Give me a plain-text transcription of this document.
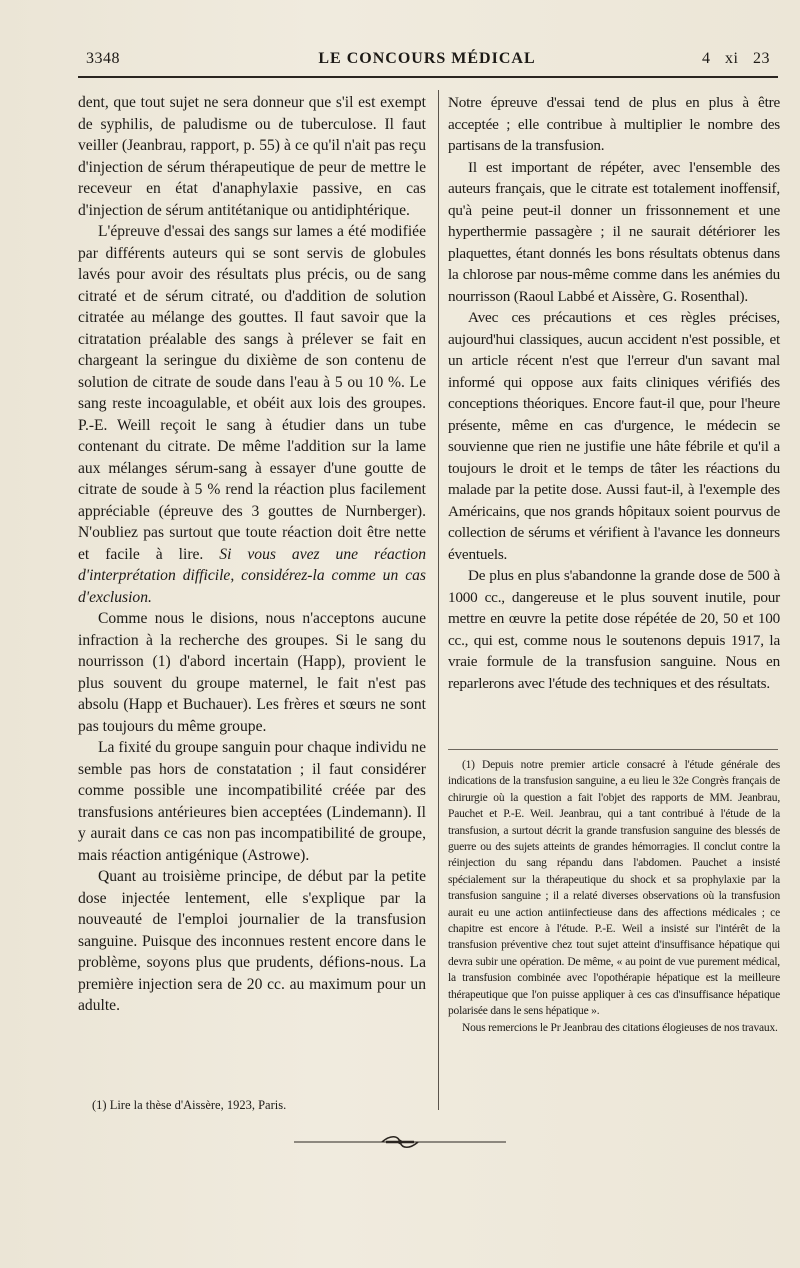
3348	LE CONCOURS MÉDICAL	4 xi 23

dent, que tout sujet ne sera donneur que s'il est exempt de syphilis, de paludisme ou de tuberculose. Il faut veiller (Jeanbrau, rapport, p. 55) à ce qu'il n'ait pas reçu d'injection de sérum thérapeutique de peur de mettre le receveur en état d'anaphylaxie passive, en cas d'injection de sérum antitétanique ou antidiphtérique.

L'épreuve d'essai des sangs sur lames a été modifiée par différents auteurs qui se sont servis de globules lavés pour avoir des résultats plus précis, ou de sang citraté et de sérum citraté, ou d'addition de solution citratée au mélange des gouttes. Il faut savoir que la citratation préalable des sangs à prélever se fait en chargeant la seringue du dixième de son contenu de solution de citrate de soude dans l'eau à 5 ou 10 %. Le sang reste incoagulable, et obéit aux lois des groupes. P.-E. Weill reçoit le sang à étudier dans un tube contenant du citrate. De même l'addition sur la lame aux mélanges sérum-sang à essayer d'une goutte de citrate de soude à 5 % rend la réaction plus facilement appréciable (épreuve des 3 gouttes de Nurnberger). N'oubliez pas surtout que toute réaction doit être nette et facile à lire. Si vous avez une réaction d'interprétation difficile, considérez-la comme un cas d'exclusion.

Comme nous le disions, nous n'acceptons aucune infraction à la recherche des groupes. Si le sang du nourrisson (1) d'abord incertain (Happ), provient le plus souvent du groupe maternel, le fait n'est pas absolu (Happ et Buchauer). Les frères et sœurs ne sont pas toujours du même groupe.

La fixité du groupe sanguin pour chaque individu ne semble pas hors de constatation ; il faut considérer comme possible une incompatibilité créée par des transfusions antérieures bien acceptées (Lindemann). Il y aurait dans ce cas non pas incompatibilité de groupe, mais réaction antigénique (Astrowe).

Quant au troisième principe, de début par la petite dose injectée lentement, elle s'explique par la nouveauté de l'emploi journalier de la transfusion sanguine. Puisque des inconnues restent encore dans le problème, soyons plus que prudents, défions-nous. La première injection sera de 20 cc. au maximum pour un adulte.

(1) Lire la thèse d'Aissère, 1923, Paris.

Notre épreuve d'essai tend de plus en plus à être acceptée ; elle contribue à multiplier le nombre des partisans de la transfusion.

Il est important de répéter, avec l'ensemble des auteurs français, que le citrate est totalement inoffensif, qu'à peine peut-il donner un frissonnement et une hyperthermie passagère ; il ne saurait détériorer les plaquettes, étant donnés les bons résultats obtenus dans la chlorose par nous-même comme dans les anémies du nourrisson (Raoul Labbé et Aissère, G. Rosenthal).

Avec ces précautions et ces règles précises, aujourd'hui classiques, aucun accident n'est possible, et un article récent n'est que l'erreur d'un savant mal informé qui oppose aux faits cliniques vérifiés des conceptions théoriques. Encore faut-il que, pour l'heure présente, même en cas d'urgence, le médecin se souvienne que rien ne justifie une hâte fébrile et qu'il a toujours le droit et le temps de tâter les réactions du malade par la petite dose. Aussi faut-il, à l'exemple des Américains, que nos grands hôpitaux soient pourvus de collection de sérums et vérifient à l'avance les donneurs éventuels.

De plus en plus s'abandonne la grande dose de 500 à 1000 cc., dangereuse et le plus souvent inutile, pour mettre en œuvre la petite dose répétée de 20, 50 et 100 cc., qui est, comme nous le soutenons depuis 1917, la vraie formule de la transfusion sanguine. Nous en reparlerons avec l'étude des techniques et des résultats.

(1) Depuis notre premier article consacré à l'étude générale des indications de la transfusion sanguine, a eu lieu le 32e Congrès français de chirurgie où la question a fait l'objet des rapports de MM. Jeanbrau, Pauchet et P.-E. Weil. Jeanbrau, qui a tant contribué à l'étude de la transfusion, a surtout décrit la grande transfusion sanguine des blessés de guerre ou des sujets atteints de grandes hémorragies. Il conclut contre la réinjection du sang répandu dans l'abdomen. Pauchet a insisté spécialement sur la thérapeutique du shock et sa prophylaxie par la transfusion sanguine ; il a relaté diverses observations où la transfusion aurait eu une action antiinfectieuse dans des affections médicales ; ce chapitre est encore à l'étude. P.-E. Weil a insisté sur l'intérêt de la transfusion préventive chez tout sujet atteint d'insuffisance hépatique qui devra subir une opération. De même, « au point de vue purement médical, la transfusion combinée avec l'opothérapie hépatique est la meilleure thérapeutique que l'on puisse appliquer à ces cas d'insuffisance hépatique polarisée dans le sens hépatique ».

Nous remercions le Pr Jeanbrau des citations élogieuses de nos travaux.
